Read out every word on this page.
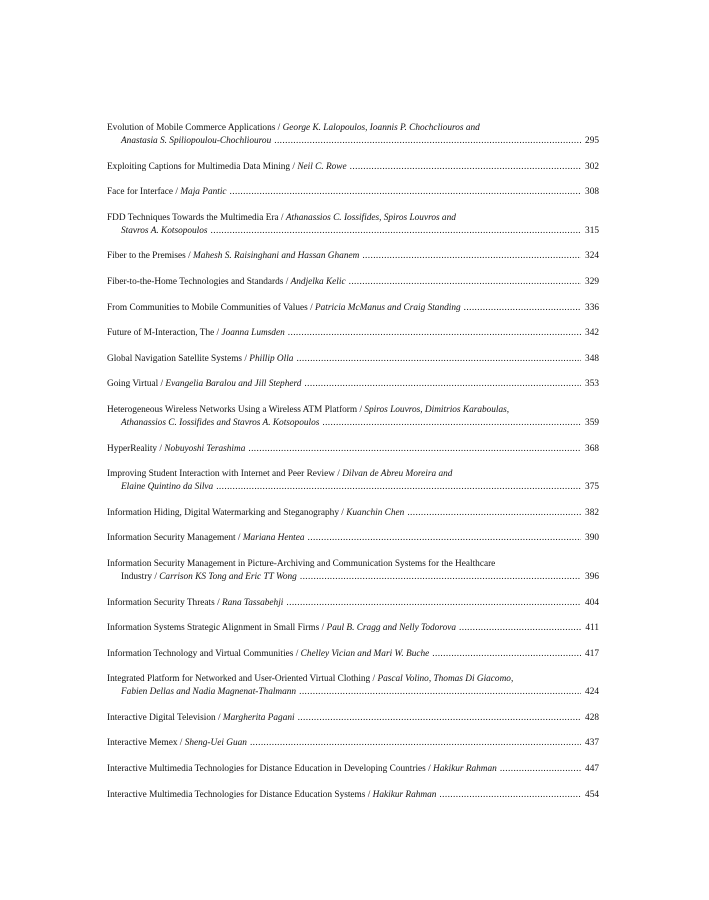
Evolution of Mobile Commerce Applications / George K. Lalopoulos, Ioannis P. Chochcliouros and
Anastasia S. Spiliopoulou-Chochliourou .....	295
Exploiting Captions for Multimedia Data Mining / Neil C. Rowe .....	302
Face for Interface / Maja Pantic .....	308
FDD Techniques Towards the Multimedia Era / Athanassios C. Iossifides, Spiros Louvros and
Stavros A. Kotsopoulos .....	315
Fiber to the Premises / Mahesh S. Raisinghani and Hassan Ghanem .....	324
Fiber-to-the-Home Technologies and Standards / Andjelka Kelic .....	329
From Communities to Mobile Communities of Values / Patricia McManus and Craig Standing .....	336
Future of M-Interaction, The / Joanna Lumsden .....	342
Global Navigation Satellite Systems / Phillip Olla .....	348
Going Virtual / Evangelia Baralou and Jill Stepherd .....	353
Heterogeneous Wireless Networks Using a Wireless ATM Platform / Spiros Louvros, Dimitrios Karaboulas,
Athanassios C. Iossifides and Stavros A. Kotsopoulos .....	359
HyperReality / Nobuyoshi Terashima .....	368
Improving Student Interaction with Internet and Peer Review / Dilvan de Abreu Moreira and
Elaine Quintino da Silva .....	375
Information Hiding, Digital Watermarking and Steganography / Kuanchin Chen .....	382
Information Security Management / Mariana Hentea .....	390
Information Security Management in Picture-Archiving and Communication Systems for the Healthcare
Industry / Carrison KS Tong and Eric TT Wong .....	396
Information Security Threats / Rana Tassabehji .....	404
Information Systems Strategic Alignment in Small Firms / Paul B. Cragg and Nelly Todorova .....	411
Information Technology and Virtual Communities / Chelley Vician and Mari W. Buche .....	417
Integrated Platform for Networked and User-Oriented Virtual Clothing / Pascal Volino, Thomas Di Giacomo,
Fabien Dellas and Nadia Magnenat-Thalmann .....	424
Interactive Digital Television / Margherita Pagani .....	428
Interactive Memex / Sheng-Uei Guan .....	437
Interactive Multimedia Technologies for Distance Education in Developing Countries / Hakikur Rahman .....	447
Interactive Multimedia Technologies for Distance Education Systems / Hakikur Rahman .....	454
